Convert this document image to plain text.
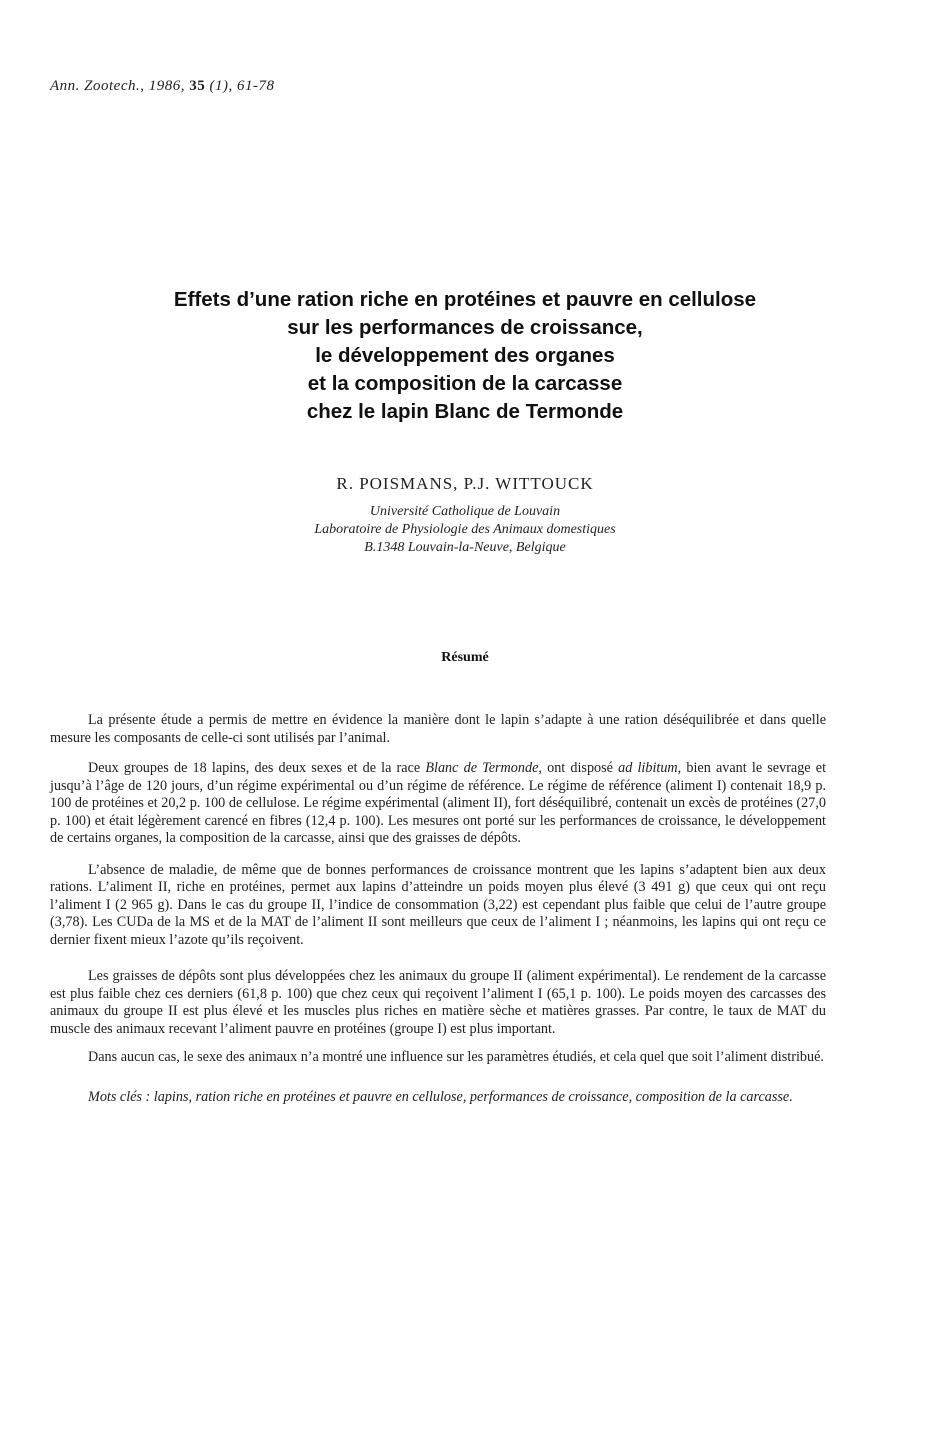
Ann. Zootech., 1986, 35 (1), 61-78
Effets d’une ration riche en protéines et pauvre en cellulose
sur les performances de croissance,
le développement des organes
et la composition de la carcasse
chez le lapin Blanc de Termonde
R. POISMANS, P.J. WITTOUCK
Université Catholique de Louvain
Laboratoire de Physiologie des Animaux domestiques
B.1348 Louvain-la-Neuve, Belgique
Résumé

La présente étude a permis de mettre en évidence la manière dont le lapin s’adapte à une ration déséquilibrée et dans quelle mesure les composants de celle-ci sont utilisés par l’animal.

Deux groupes de 18 lapins, des deux sexes et de la race Blanc de Termonde, ont disposé ad libitum, bien avant le sevrage et jusqu’à l’âge de 120 jours, d’un régime expérimental ou d’un régime de référence. Le régime de référence (aliment I) contenait 18,9 p. 100 de protéines et 20,2 p. 100 de cellulose. Le régime expérimental (aliment II), fort déséquilibré, contenait un excès de protéines (27,0 p. 100) et était légèrement carencé en fibres (12,4 p. 100). Les mesures ont porté sur les performances de croissance, le développement de certains organes, la composition de la carcasse, ainsi que des graisses de dépôts.

L’absence de maladie, de même que de bonnes performances de croissance montrent que les lapins s’adaptent bien aux deux rations. L’aliment II, riche en protéines, permet aux lapins d’atteindre un poids moyen plus élevé (3 491 g) que ceux qui ont reçu l’aliment I (2 965 g). Dans le cas du groupe II, l’indice de consommation (3,22) est cependant plus faible que celui de l’autre groupe (3,78). Les CUDa de la MS et de la MAT de l’aliment II sont meilleurs que ceux de l’aliment I ; néanmoins, les lapins qui ont reçu ce dernier fixent mieux l’azote qu’ils reçoivent.

Les graisses de dépôts sont plus développées chez les animaux du groupe II (aliment expérimental). Le rendement de la carcasse est plus faible chez ces derniers (61,8 p. 100) que chez ceux qui reçoivent l’aliment I (65,1 p. 100). Le poids moyen des carcasses des animaux du groupe II est plus élevé et les muscles plus riches en matière sèche et matières grasses. Par contre, le taux de MAT du muscle des animaux recevant l’aliment pauvre en protéines (groupe I) est plus important.

Dans aucun cas, le sexe des animaux n’a montré une influence sur les paramètres étudiés, et cela quel que soit l’aliment distribué.

Mots clés : lapins, ration riche en protéines et pauvre en cellulose, performances de croissance, composition de la carcasse.
